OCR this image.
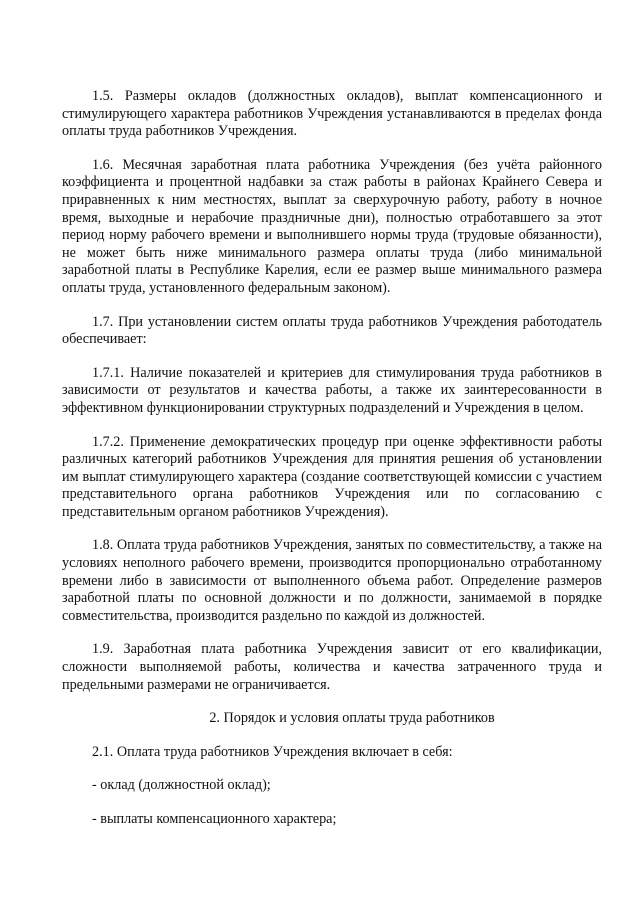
1.5. Размеры окладов (должностных окладов), выплат компенсационного и стимулирующего характера работников Учреждения устанавливаются в пределах фонда оплаты труда работников Учреждения.

1.6. Месячная заработная плата работника Учреждения (без учёта районного коэффициента и процентной надбавки за стаж работы в районах Крайнего Севера и приравненных к ним местностях, выплат за сверхурочную работу, работу в ночное время, выходные и нерабочие праздничные дни), полностью отработавшего за этот период норму рабочего времени и выполнившего нормы труда (трудовые обязанности), не может быть ниже минимального размера оплаты труда (либо минимальной заработной платы в Республике Карелия, если ее размер выше минимального размера оплаты труда, установленного федеральным законом).

1.7. При установлении систем оплаты труда работников Учреждения работодатель обеспечивает:

1.7.1. Наличие показателей и критериев для стимулирования труда работников в зависимости от результатов и качества работы, а также их заинтересованности в эффективном функционировании структурных подразделений и Учреждения в целом.

1.7.2. Применение демократических процедур при оценке эффективности работы различных категорий работников Учреждения для принятия решения об установлении им выплат стимулирующего характера (создание соответствующей комиссии с участием представительного органа работников Учреждения или по согласованию с представительным органом работников Учреждения).

1.8. Оплата труда работников Учреждения, занятых по совместительству, а также на условиях неполного рабочего времени, производится пропорционально отработанному времени либо в зависимости от выполненного объема работ. Определение размеров заработной платы по основной должности и по должности, занимаемой в порядке совместительства, производится раздельно по каждой из должностей.

1.9. Заработная плата работника Учреждения зависит от его квалификации, сложности выполняемой работы, количества и качества затраченного труда и предельными размерами не ограничивается.

2. Порядок и условия оплаты труда работников

2.1. Оплата труда работников Учреждения включает в себя:

- оклад (должностной оклад);

- выплаты компенсационного характера;
